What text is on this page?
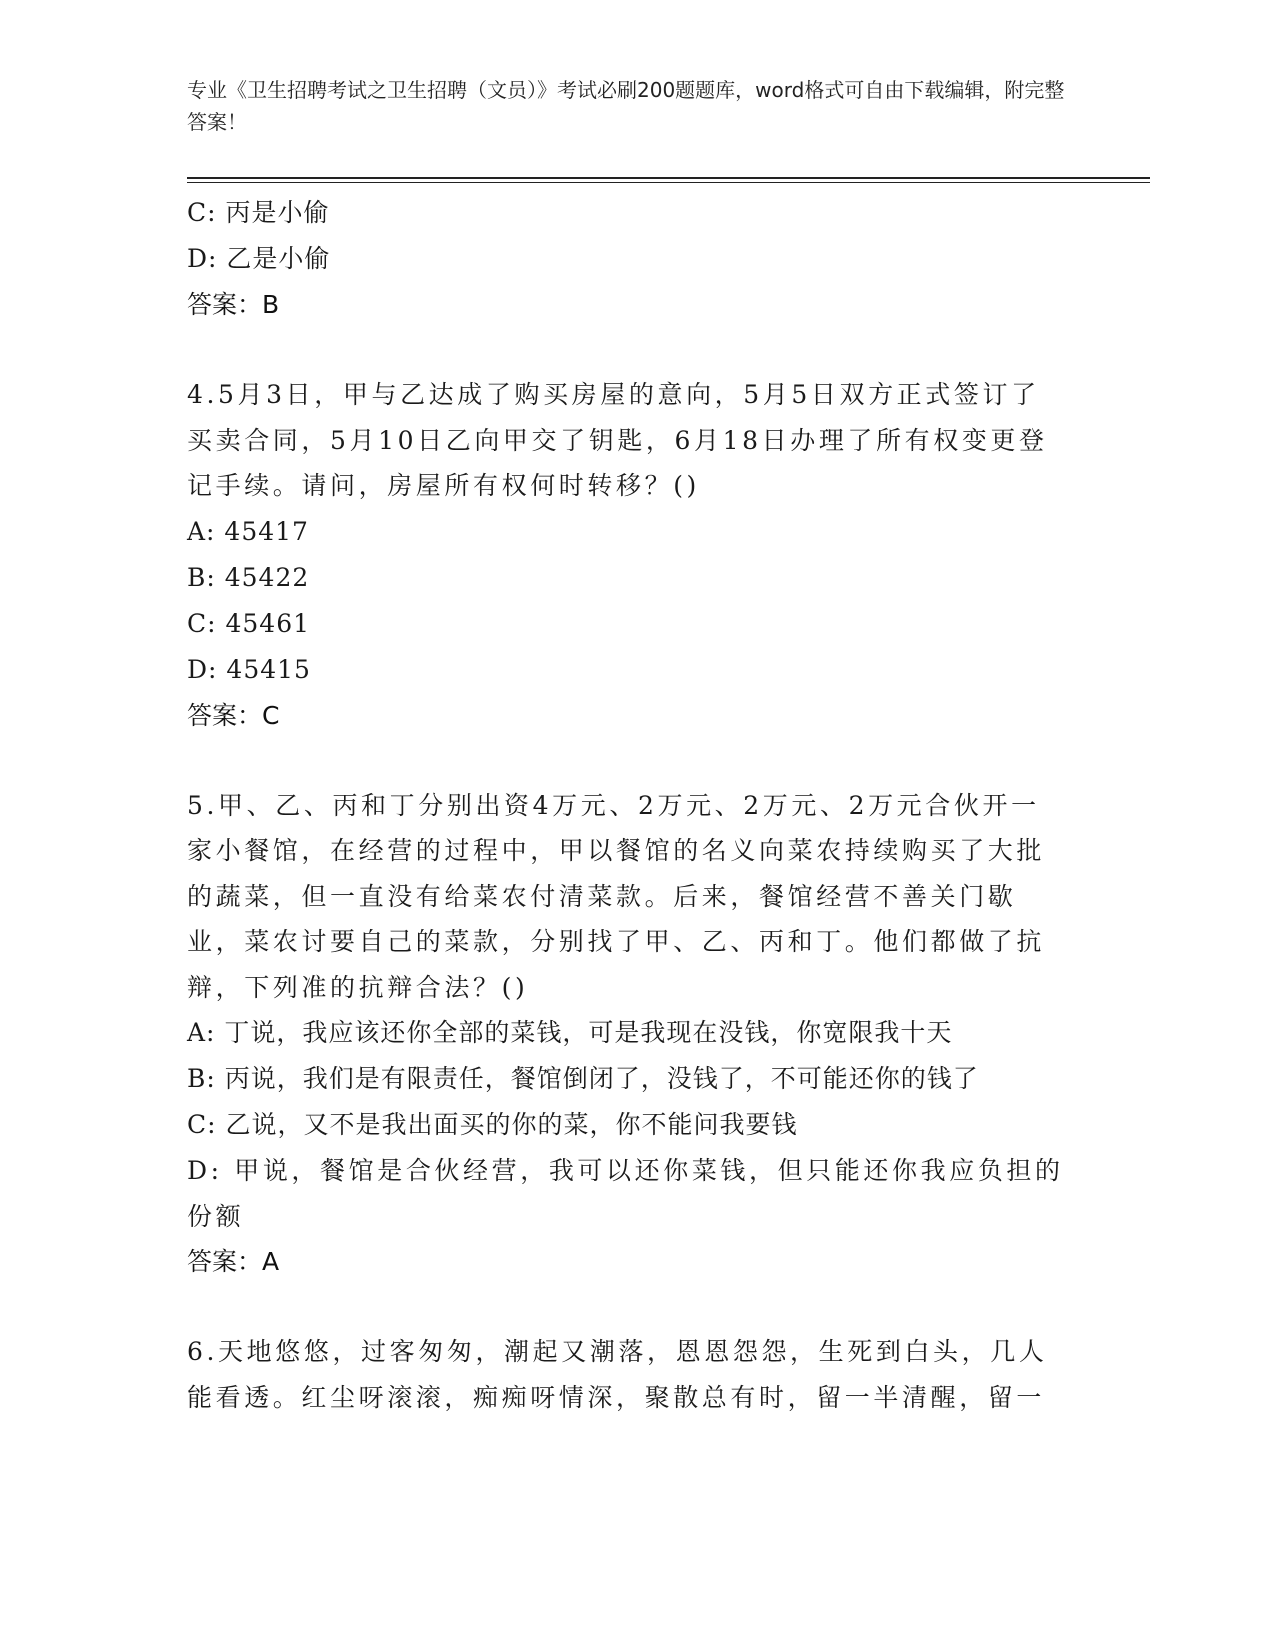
专业《卫生招聘考试之卫生招聘（文员）》考试必刷200题题库，word格式可自由下载编辑，附完整答案！
C: 丙是小偷
D: 乙是小偷
答案：B
4.5月3日，甲与乙达成了购买房屋的意向，5月5日双方正式签订了买卖合同，5月10日乙向甲交了钥匙，6月18日办理了所有权变更登记手续。请问，房屋所有权何时转移？()
A: 45417
B: 45422
C: 45461
D: 45415
答案：C
5.甲、乙、丙和丁分别出资4万元、2万元、2万元、2万元合伙开一家小餐馆，在经营的过程中，甲以餐馆的名义向菜农持续购买了大批的蔬菜，但一直没有给菜农付清菜款。后来，餐馆经营不善关门歇业，菜农讨要自己的菜款，分别找了甲、乙、丙和丁。他们都做了抗辩，下列准的抗辩合法？()
A: 丁说，我应该还你全部的菜钱，可是我现在没钱，你宽限我十天
B: 丙说，我们是有限责任，餐馆倒闭了，没钱了，不可能还你的钱了
C: 乙说，又不是我出面买的你的菜，你不能问我要钱
D: 甲说，餐馆是合伙经营，我可以还你菜钱，但只能还你我应负担的份额
答案：A
6.天地悠悠，过客匆匆，潮起又潮落，恩恩怨怨，生死到白头，几人能看透。红尘呀滚滚，痴痴呀情深，聚散总有时，留一半清醒，留一
